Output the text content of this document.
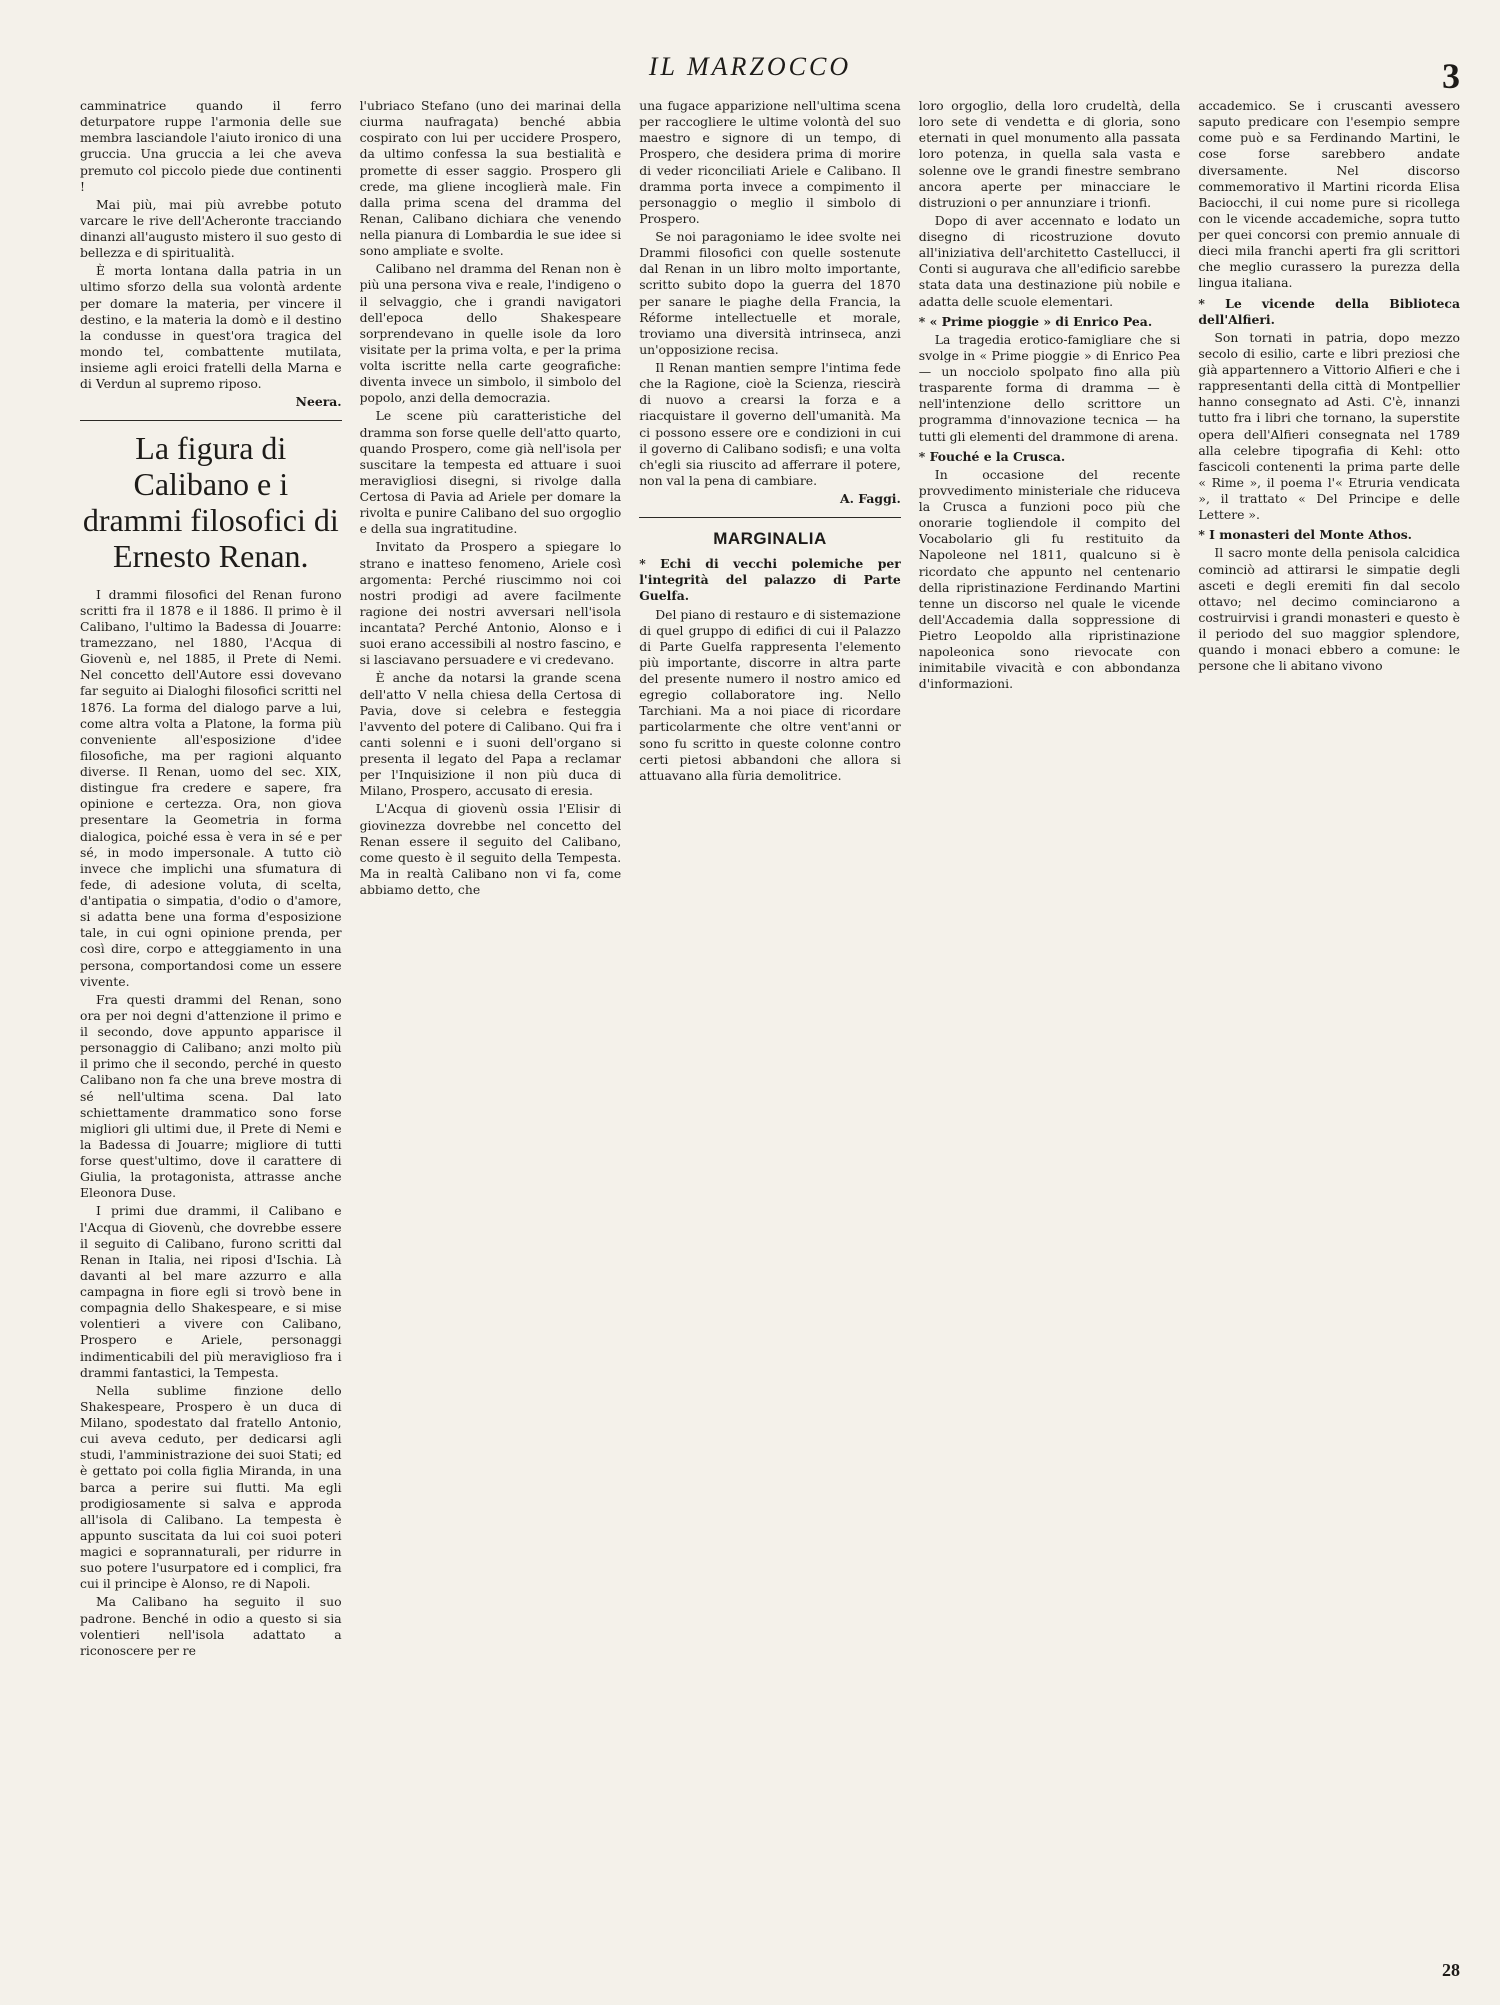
IL MARZOCCO	3

camminatrice quando il ferro deturpatore ruppe l'armonia delle sue membra lasciandole l'aiuto ironico di una gruccia. Una gruccia a lei che aveva premuto col piccolo piede due continenti !

Mai più, mai più avrebbe potuto varcare le rive dell'Acheronte tracciando dinanzi all'augusto mistero il suo gesto di bellezza e di spiritualità.

È morta lontana dalla patria in un ultimo sforzo della sua volontà ardente per domare la materia, per vincere il destino, e la materia la domò e il destino la condusse in quest'ora tragica del mondo tel, combattente mutilata, insieme agli eroici fratelli della Marna e di Verdun al supremo riposo.

Neera.
La figura di Calibano e i drammi filosofici di Ernesto Renan.

I drammi filosofici del Renan furono scritti fra il 1878 e il 1886. Il primo è il Calibano, l'ultimo la Badessa di Jouarre: tramezzano, nel 1880, l'Acqua di Giovenù e, nel 1885, il Prete di Nemi. Nel concetto dell'Autore essi dovevano far seguito ai Dialoghi filosofici scritti nel 1876. La forma del dialogo parve a lui, come altra volta a Platone, la forma più conveniente all'esposizione d'idee filosofiche, ma per ragioni alquanto diverse. Il Renan, uomo del sec. XIX, distingue fra credere e sapere, fra opinione e certezza. Ora, non giova presentare la Geometria in forma dialogica, poiché essa è vera in sé e per sé, in modo impersonale. A tutto ciò invece che implichi una sfumatura di fede, di adesione voluta, di scelta, d'antipatia o simpatia, d'odio o d'amore, si adatta bene una forma d'esposizione tale, in cui ogni opinione prenda, per così dire, corpo e atteggiamento in una persona, comportandosi come un essere vivente.

Fra questi drammi del Renan, sono ora per noi degni d'attenzione il primo e il secondo, dove appunto apparisce il personaggio di Calibano; anzi molto più il primo che il secondo, perché in questo Calibano non fa che una breve mostra di sé nell'ultima scena. Dal lato schiettamente drammatico sono forse migliori gli ultimi due, il Prete di Nemi e la Badessa di Jouarre; migliore di tutti forse quest'ultimo, dove il carattere di Giulia, la protagonista, attrasse anche Eleonora Duse.

I primi due drammi, il Calibano e l'Acqua di Giovenù, che dovrebbe essere il seguito di Calibano, furono scritti dal Renan in Italia, nei riposi d'Ischia. Là davanti al bel mare azzurro e alla campagna in fiore egli si trovò bene in compagnia dello Shakespeare, e si mise volentieri a vivere con Calibano, Prospero e Ariele, personaggi indimenticabili del più meraviglioso fra i drammi fantastici, la Tempesta.

Nella sublime finzione dello Shakespeare, Prospero è un duca di Milano, spodestato dal fratello Antonio, cui aveva ceduto, per dedicarsi agli studi, l'amministrazione dei suoi Stati; ed è gettato poi colla figlia Miranda, in una barca a perire sui flutti. Ma egli prodigiosamente si salva e approda all'isola di Calibano. La tempesta è appunto suscitata da lui coi suoi poteri magici e soprannaturali, per ridurre in suo potere l'usurpatore ed i complici, fra cui il principe è Alonso, re di Napoli.

Ma Calibano ha seguito il suo padrone. Benché in odio a questo si sia volentieri nell'isola adattato a riconoscere per re

l'ubriaco Stefano (uno dei marinai della ciurma naufragata) benché abbia cospirato con lui per uccidere Prospero, da ultimo confessa la sua bestialità e promette di esser saggio. Prospero gli crede, ma gliene incoglierà male. Fin dalla prima scena del dramma del Renan, Calibano dichiara che venendo nella pianura di Lombardia le sue idee si sono ampliate e svolte.

Calibano nel dramma del Renan non è più una persona viva e reale, l'indigeno o il selvaggio, che i grandi navigatori dell'epoca dello Shakespeare sorprendevano in quelle isole da loro visitate per la prima volta, e per la prima volta iscritte nella carte geografiche: diventa invece un simbolo, il simbolo del popolo, anzi della democrazia.

Le scene più caratteristiche del dramma son forse quelle dell'atto quarto, quando Prospero, come già nell'isola per suscitare la tempesta ed attuare i suoi meravigliosi disegni, si rivolge dalla Certosa di Pavia ad Ariele per domare la rivolta e punire Calibano del suo orgoglio e della sua ingratitudine.

Invitato da Prospero a spiegare lo strano e inatteso fenomeno, Ariele così argomenta: Perché riuscimmo noi coi nostri prodigi ad avere facilmente ragione dei nostri avversari nell'isola incantata? Perché Antonio, Alonso e i suoi erano accessibili al nostro fascino, e si lasciavano persuadere e vi credevano.

È anche da notarsi la grande scena dell'atto V nella chiesa della Certosa di Pavia, dove si celebra e festeggia l'avvento del potere di Calibano. Qui fra i canti solenni e i suoni dell'organo si presenta il legato del Papa a reclamar per l'Inquisizione il non più duca di Milano, Prospero, accusato di eresia.

L'Acqua di giovenù ossia l'Elisir di giovinezza dovrebbe nel concetto del Renan essere il seguito del Calibano, come questo è il seguito della Tempesta. Ma in realtà Calibano non vi fa, come abbiamo detto, che

una fugace apparizione nell'ultima scena per raccogliere le ultime volontà del suo maestro e signore di un tempo, di Prospero, che desidera prima di morire di veder riconciliati Ariele e Calibano. Il dramma porta invece a compimento il personaggio o meglio il simbolo di Prospero.

Se noi paragoniamo le idee svolte nei Drammi filosofici con quelle sostenute dal Renan in un libro molto importante, scritto subito dopo la guerra del 1870 per sanare le piaghe della Francia, la Réforme intellectuelle et morale, troviamo una diversità intrinseca, anzi un'opposizione recisa.

Il Renan mantien sempre l'intima fede che la Ragione, cioè la Scienza, riescirà di nuovo a crearsi la forza e a riacquistare il governo dell'umanità. Ma ci possono essere ore e condizioni in cui il governo di Calibano sodisfi; e una volta ch'egli sia riuscito ad afferrare il potere, non val la pena di cambiare.

A. Faggi.
MARGINALIA
* Echi di vecchi polemiche per l'integrità del palazzo di Parte Guelfa.

Del piano di restauro e di sistemazione di quel gruppo di edifici di cui il Palazzo di Parte Guelfa rappresenta l'elemento più importante, discorre in altra parte del presente numero il nostro amico ed egregio collaboratore ing. Nello Tarchiani. Ma a noi piace di ricordare particolarmente che oltre vent'anni or sono fu scritto in queste colonne contro certi pietosi abbandoni che allora si attuavano alla fùria demolitrice.

loro orgoglio, della loro crudeltà, della loro sete di vendetta e di gloria, sono eternati in quel monumento alla passata loro potenza, in quella sala vasta e solenne ove le grandi finestre sembrano ancora aperte per minacciare le distruzioni o per annunziare i trionfi.

Dopo di aver accennato e lodato un disegno di ricostruzione dovuto all'iniziativa dell'architetto Castellucci, il Conti si augurava che all'edificio sarebbe stata data una destinazione più nobile e adatta delle scuole elementari.

* « Prime pioggie » di Enrico Pea.

La tragedia erotico-famigliare che si svolge in « Prime pioggie » di Enrico Pea — un nocciolo spolpato fino alla più trasparente forma di dramma — è nell'intenzione dello scrittore un programma d'innovazione tecnica — ha tutti gli elementi del drammone di arena.

* Fouché e la Crusca.

In occasione del recente provvedimento ministeriale che riduceva la Crusca a funzioni poco più che onorarie togliendole il compito del Vocabolario gli fu restituito da Napoleone nel 1811, qualcuno si è ricordato che appunto nel centenario della ripristinazione Ferdinando Martini tenne un discorso nel quale le vicende dell'Accademia dalla soppressione di Pietro Leopoldo alla ripristinazione napoleonica sono rievocate con inimitabile vivacità e con abbondanza d'informazioni.

accademico. Se i cruscanti avessero saputo predicare con l'esempio sempre come può e sa Ferdinando Martini, le cose forse sarebbero andate diversamente. Nel discorso commemorativo il Martini ricorda Elisa Baciocchi, il cui nome pure si ricollega con le vicende accademiche, sopra tutto per quei concorsi con premio annuale di dieci mila franchi aperti fra gli scrittori che meglio curassero la purezza della lingua italiana.

* Le vicende della Biblioteca dell'Alfieri.

Son tornati in patria, dopo mezzo secolo di esilio, carte e libri preziosi che già appartennero a Vittorio Alfieri e che i rappresentanti della città di Montpellier hanno consegnato ad Asti. C'è, innanzi tutto fra i libri che tornano, la superstite opera dell'Alfieri consegnata nel 1789 alla celebre tipografia di Kehl: otto fascicoli contenenti la prima parte delle « Rime », il poema l'« Etruria vendicata », il trattato « Del Principe e delle Lettere ».

* I monasteri del Monte Athos.

Il sacro monte della penisola calcidica cominciò ad attirarsi le simpatie degli asceti e degli eremiti fin dal secolo ottavo; nel decimo cominciarono a costruirvisi i grandi monasteri e questo è il periodo del suo maggior splendore, quando i monaci ebbero a comune: le persone che li abitano vivono

28
